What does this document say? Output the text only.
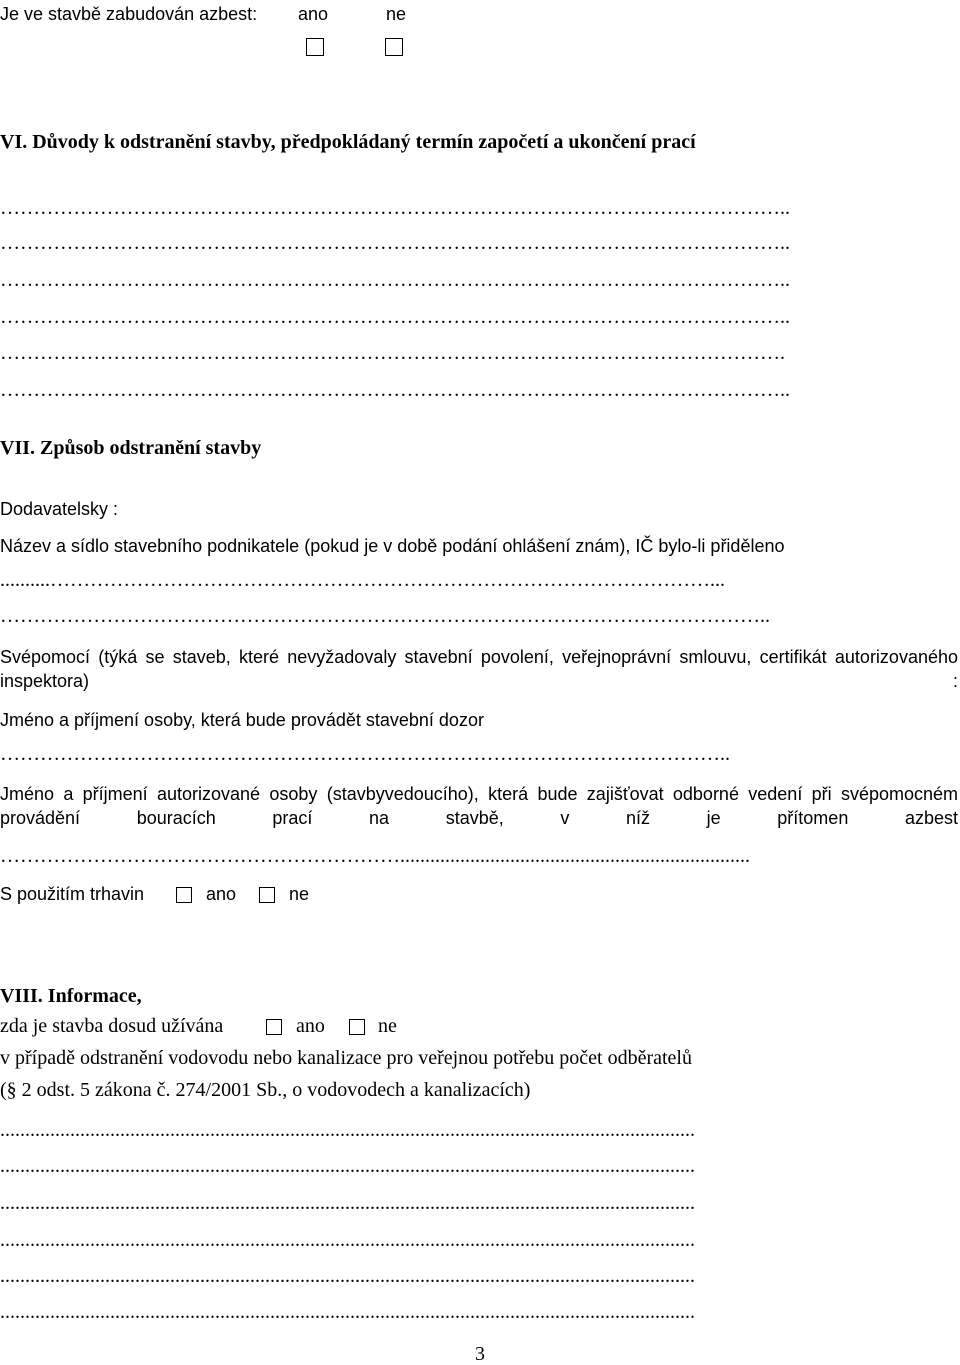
Je ve stavbě zabudován azbest: ano	ne
VI. Důvody k odstranění stavby, předpokládaný termín započetí a ukončení prací
………………………………………………………………………………………………………..
………………………………………………………………………………………………………..
………………………………………………………………………………………………………..
………………………………………………………………………………………………………..
……………………………………………………………………………………………………….
………………………………………………………………………………………………………..
VII. Způsob odstranění stavby
Dodavatelsky :
Název a sídlo stavebního podnikatele (pokud je v době podání ohlášení znám), IČ bylo-li přiděleno
..........………………………………………………………………………………………...
……………………………………………………………………………………………………..
Svépomocí (týká se staveb, které nevyžadovaly stavební povolení, veřejnoprávní smlouvu, certifikát autorizovaného inspektora) :
Jméno a příjmení osoby, která bude provádět stavební dozor
………………………………………………………………………………………………..
Jméno a příjmení autorizované osoby (stavbyvedoucího), která bude zajišťovat odborné vedení při svépomocném provádění bouracích prací na stavbě, v níž je přítomen azbest
……………………………………………………......................................................................
S použitím trhavin	ano	ne
VIII. Informace,
zda je stavba dosud užívána	ano	ne
v případě odstranění vodovodu nebo kanalizace pro veřejnou potřebu počet odběratelů
(§ 2 odst. 5 zákona č. 274/2001 Sb., o vodovodech a kanalizacích)
...........................................................................................................................................
...........................................................................................................................................
...........................................................................................................................................
...........................................................................................................................................
...........................................................................................................................................
...........................................................................................................................................
3
